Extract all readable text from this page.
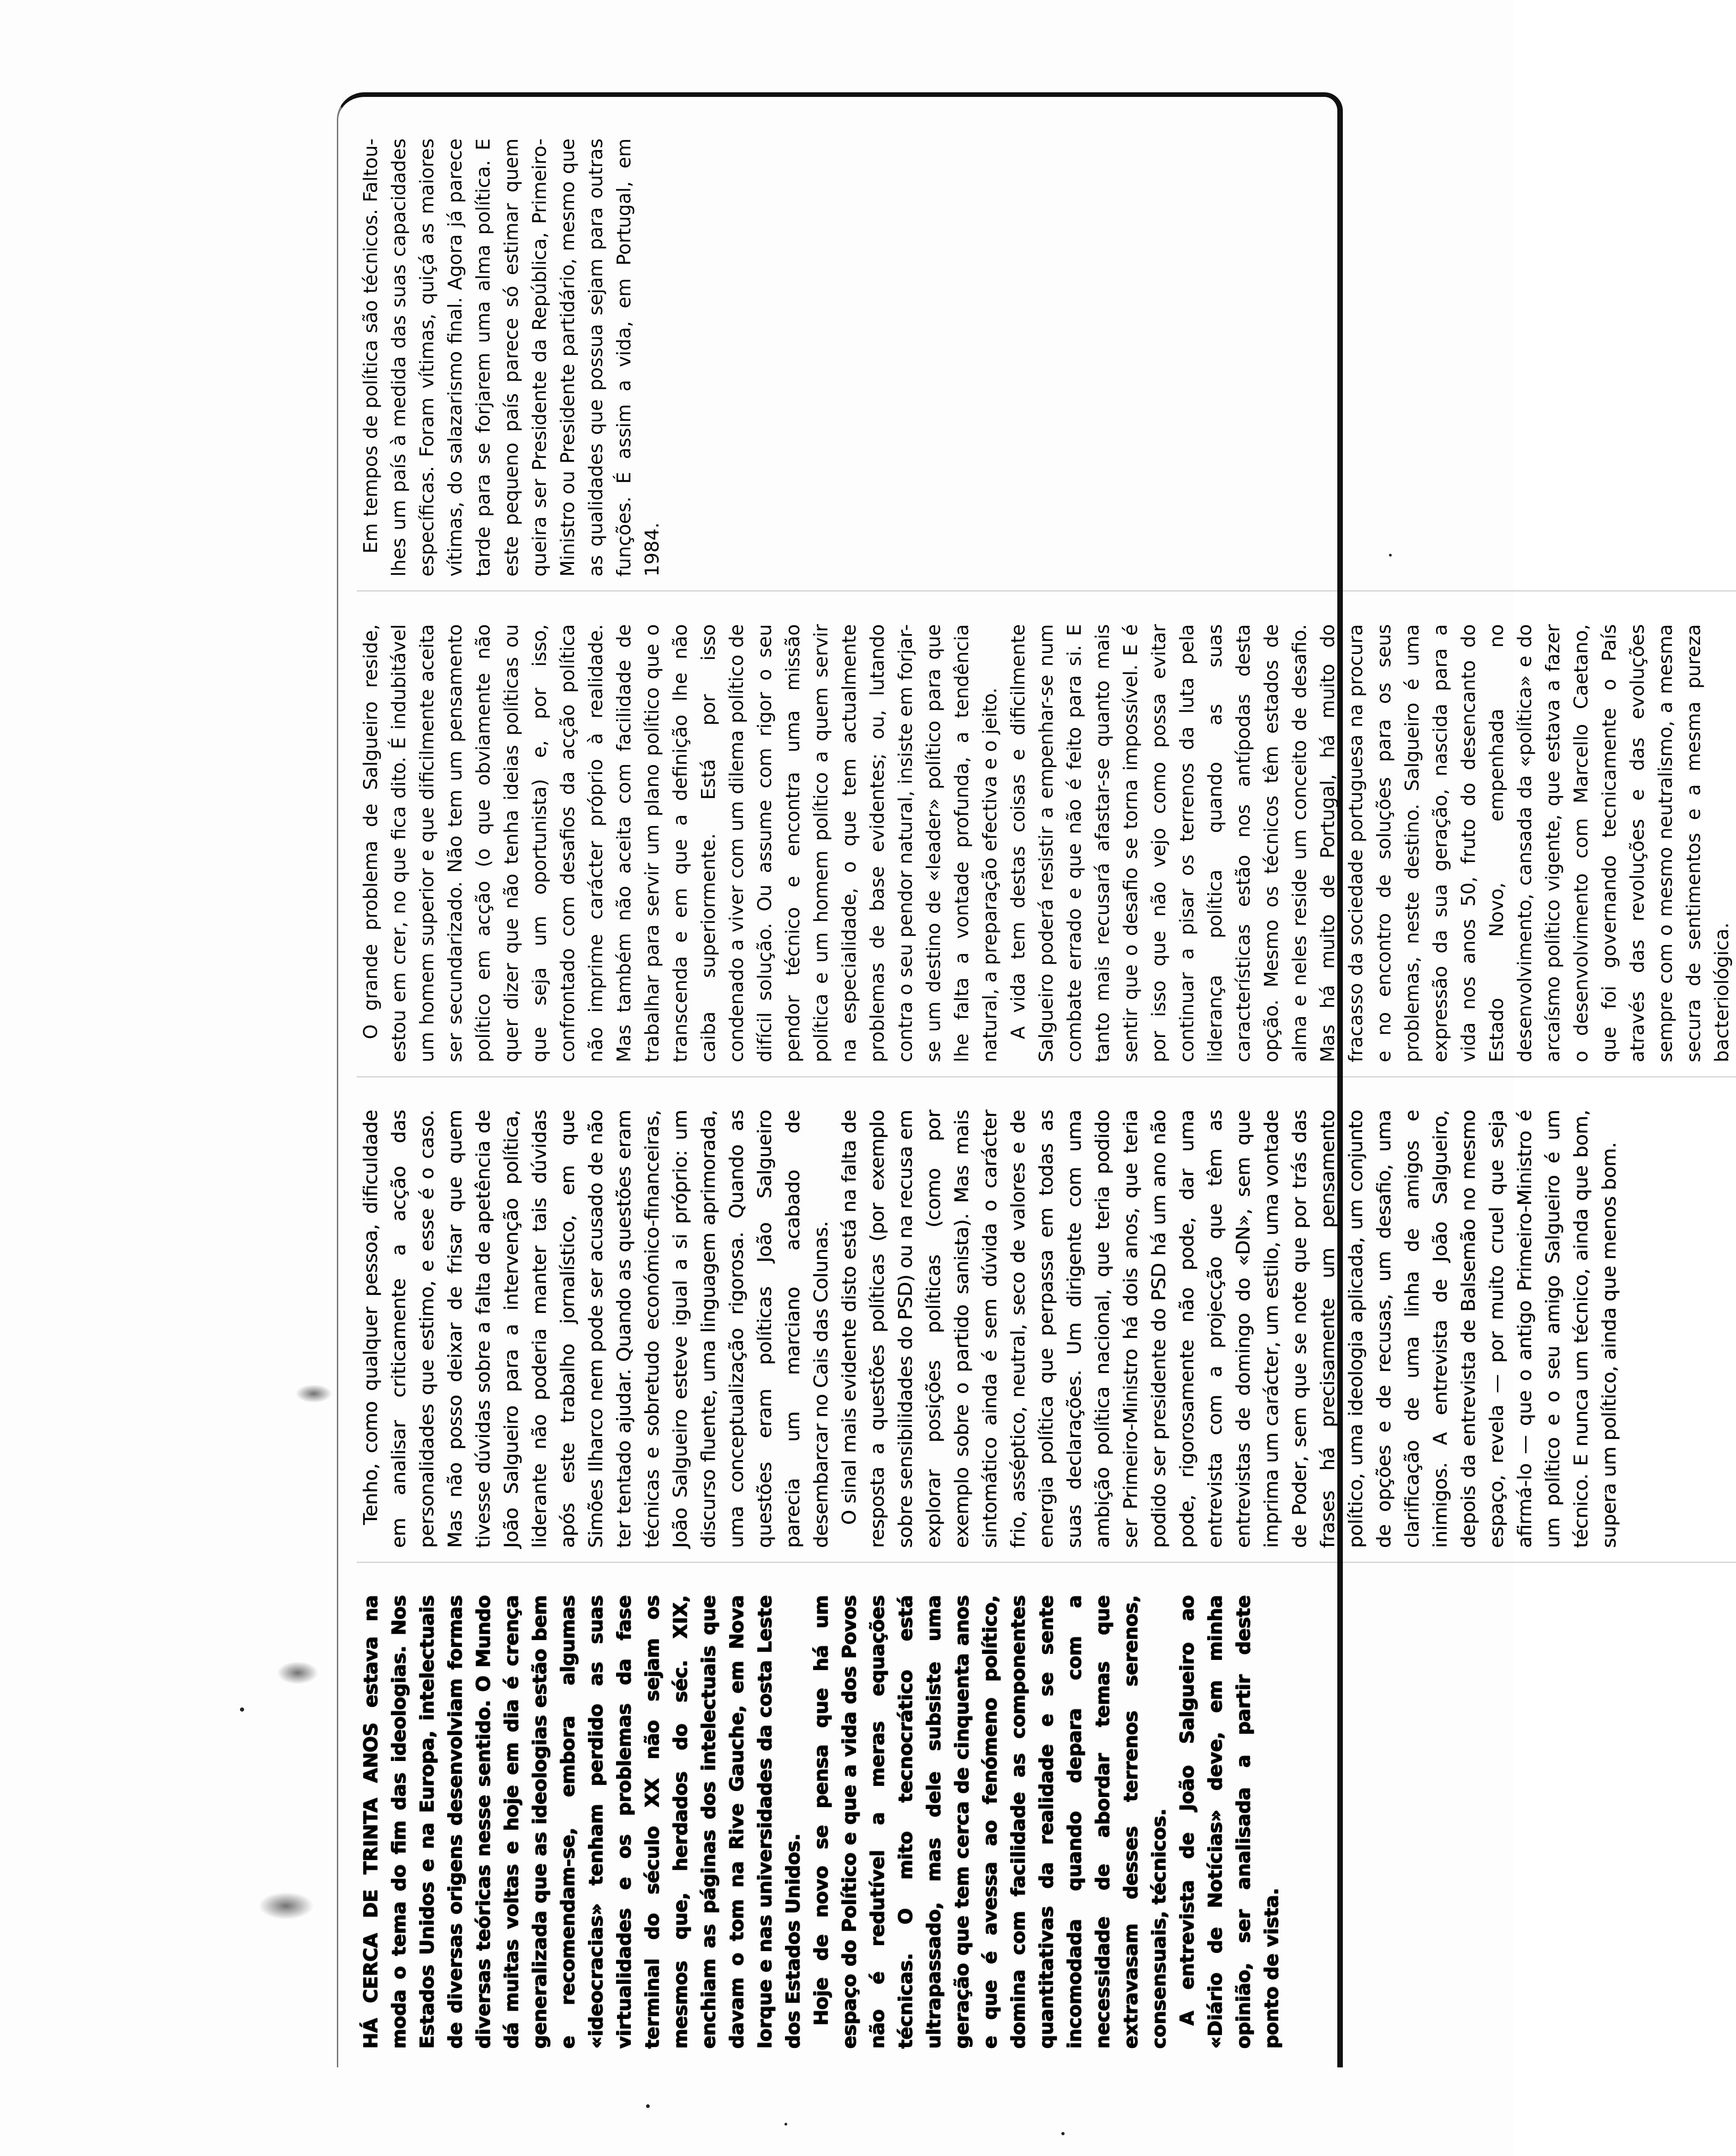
HÁ CERCA DE TRINTA ANOS estava na moda o tema do fim das ideologias. Nos Estados Unidos e na Europa, intelectuais de diversas origens desenvolviam formas diversas teóricas nesse sentido. O Mundo dá muitas voltas e hoje em dia é crença generalizada que as ideologias estão bem e recomendam-se, embora algumas «ideocracias» tenham perdido as suas virtualidades e os problemas da fase terminal do século XX não sejam os mesmos que, herdados do séc. XIX, enchiam as páginas dos intelectuais que davam o tom na Rive Gauche, em Nova Iorque e nas universidades da costa Leste dos Estados Unidos. Hoje de novo se pensa que há um espaço do Político e que a vida dos Povos não é redutível a meras equações técnicas. O mito tecnocrático está ultrapassado, mas dele subsiste uma geração que tem cerca de cinquenta anos e que é avessa ao fenómeno político, domina com facilidade as componentes quantitativas da realidade e se sente incomodada quando depara com a necessidade de abordar temas que extravasam desses terrenos serenos, consensuais, técnicos. A entrevista de João Salgueiro ao «Diário de Notícias» deve, em minha opinião, ser analisada a partir deste ponto de vista.

Tenho, como qualquer pessoa, dificuldade em analisar criticamente a acção das personalidades que estimo, e esse é o caso. Mas não posso deixar de frisar que quem tivesse dúvidas sobre a falta de apetência de João Salgueiro para a intervenção política, liderante não poderia manter tais dúvidas após este trabalho jornalístico, em que Simões Ilharco nem pode ser acusado de não ter tentado ajudar. Quando as questões eram técnicas e sobretudo económico-financeiras, João Salgueiro esteve igual a si próprio: um discurso fluente, uma linguagem aprimorada, uma conceptualização rigorosa. Quando as questões eram políticas João Salgueiro parecia um marciano acabado de desembarcar no Cais das Colunas. O sinal mais evidente disto está na falta de resposta a questões políticas (por exemplo sobre sensibilidades do PSD) ou na recusa em explorar posições políticas (como por exemplo sobre o partido sanista). Mas mais sintomático ainda é sem dúvida o carácter frio, asséptico, neutral, seco de valores e de energia política que perpassa em todas as suas declarações. Um dirigente com uma ambição política nacional, que teria podido ser Primeiro-Ministro há dois anos, que teria podido ser presidente do PSD há um ano não pode, rigorosamente não pode, dar uma entrevista com a projecção que têm as entrevistas de domingo do «DN», sem que imprima um carácter, um estilo, uma vontade de Poder, sem que se note que por trás das frases há precisamente um pensamento político, uma ideologia aplicada, um conjunto de opções e de recusas, um desafio, uma clarificação de uma linha de amigos e inimigos. A entrevista de João Salgueiro, depois da entrevista de Balsemão no mesmo espaço, revela — por muito cruel que seja afirmá-lo — que o antigo Primeiro-Ministro é um político e o seu amigo Salgueiro é um técnico. E nunca um técnico, ainda que bom, supera um político, ainda que menos bom.

O grande problema de Salgueiro reside, estou em crer, no que fica dito. É indubitável um homem superior e que dificilmente aceita ser secundarizado. Não tem um pensamento político em acção (o que obviamente não quer dizer que não tenha ideias políticas ou que seja um oportunista) e, por isso, confrontado com desafios da acção política não imprime carácter próprio à realidade. Mas também não aceita com facilidade de trabalhar para servir um plano político que o transcenda e em que a definição lhe não caiba superiormente. Está por isso condenado a viver com um dilema político de difícil solução. Ou assume com rigor o seu pendor técnico e encontra uma missão política e um homem político a quem servir na especialidade, o que tem actualmente problemas de base evidentes; ou, lutando contra o seu pendor natural, insiste em forjar-se um destino de «leader» político para que lhe falta a vontade profunda, a tendência natural, a preparação efectiva e o jeito. A vida tem destas coisas e dificilmente Salgueiro poderá resistir a empenhar-se num combate errado e que não é feito para si. E tanto mais recusará afastar-se quanto mais sentir que o desafio se torna impossível. E é por isso que não vejo como possa evitar continuar a pisar os terrenos da luta pela liderança política quando as suas características estão nos antípodas desta opção. Mesmo os técnicos têm estados de alma e neles reside um conceito de desafio. Mas há muito de Portugal, há muito do fracasso da sociedade portuguesa na procura e no encontro de soluções para os seus problemas, neste destino. Salgueiro é uma expressão da sua geração, nascida para a vida nos anos 50, fruto do desencanto do Estado Novo, empenhada no desenvolvimento, cansada da «política» e do arcaísmo político vigente, que estava a fazer o desenvolvimento com Marcello Caetano, que foi governando tecnicamente o País através das revoluções e das evoluções sempre com o mesmo neutralismo, a mesma secura de sentimentos e a mesma pureza bacteriológica.

Em tempos de política são técnicos. Faltou-lhes um país à medida das suas capacidades específicas. Foram vítimas, quiçá as maiores vítimas, do salazarismo final. Agora já parece tarde para se forjarem uma alma política. E este pequeno país parece só estimar quem queira ser Presidente da República, Primeiro-Ministro ou Presidente partidário, mesmo que as qualidades que possua sejam para outras funções. É assim a vida, em Portugal, em 1984.
